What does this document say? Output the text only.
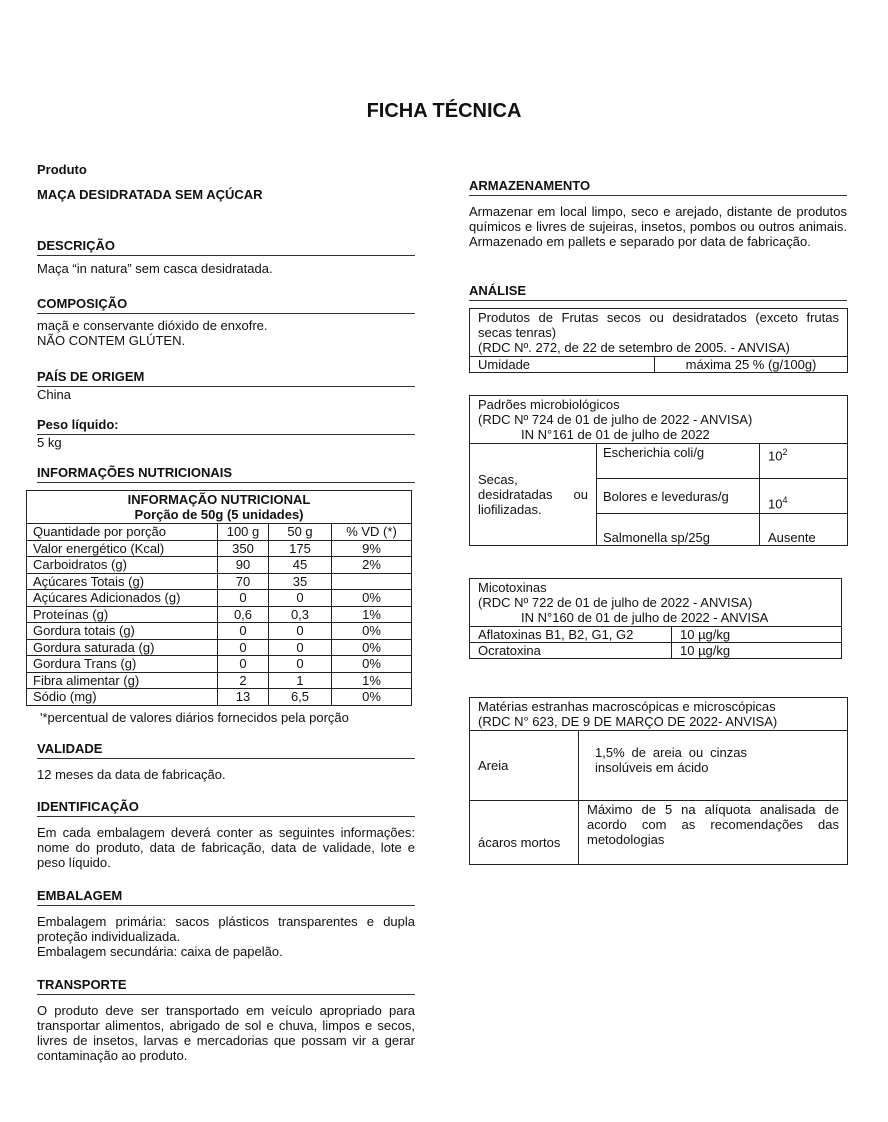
FICHA TÉCNICA
Produto
MAÇA DESIDRATADA SEM AÇÚCAR
DESCRIÇÃO
Maça “in natura” sem casca desidratada.
COMPOSIÇÃO
maçã e conservante dióxido de enxofre.
NÃO CONTEM GLÚTEN.
PAÍS DE ORIGEM
China
Peso líquido:
5 kg
INFORMAÇÕES NUTRICIONAIS
INFORMAÇÃO NUTRICIONAL
Porção de 50g (5 unidades)			

Quantidade por porção	100 g	50 g	% VD (*)
Valor energético (Kcal)	350	175	9%
Carboidratos (g)	90	45	2%
Açúcares Totais (g)	70	35	
Açúcares Adicionados (g)	0	0	0%
Proteínas (g)	0,6	0,3	1%
Gordura totais (g)	0	0	0%
Gordura saturada (g)	0	0	0%
Gordura Trans (g)	0	0	0%
Fibra alimentar (g)	2	1	1%
Sódio (mg)	13	6,5	0%
'*percentual de valores diários fornecidos pela porção
VALIDADE
12 meses da data de fabricação.
IDENTIFICAÇÃO
Em cada embalagem deverá conter as seguintes informações: nome do produto, data de fabricação, data de validade, lote e peso líquido.
EMBALAGEM
Embalagem primária: sacos plásticos transparentes e dupla proteção individualizada.
Embalagem secundária: caixa de papelão.
TRANSPORTE
O produto deve ser transportado em veículo apropriado para transportar alimentos, abrigado de sol e chuva, limpos e secos, livres de insetos, larvas e mercadorias que possam vir a gerar contaminação ao produto.
ARMAZENAMENTO
Armazenar em local limpo, seco e arejado, distante de produtos químicos e livres de sujeiras, insetos, pombos ou outros animais. Armazenado em pallets e separado por data de fabricação.
ANÁLISE
Produtos de Frutas secos ou desidratados (exceto frutas secas tenras)
(RDC Nº. 272, de 22 de setembro de 2005. - ANVISA)

Umidade	máxima 25 % (g/100g)
Padrões microbiológicos
(RDC Nº 724 de 01 de julho de 2022 - ANVISA)
IN N°161 de 01 de julho de 2022		

Secas, desidratadas ou liofilizadas.	Escherichia coli/g	$10^2$
	Bolores e leveduras/g	$10^4$
	Salmonella sp/25g	Ausente
Micotoxinas
(RDC Nº 722 de 01 de julho de 2022 - ANVISA)
IN N°160 de 01 de julho de 2022 - ANVISA	

Aflatoxinas B1, B2, G1, G2	10 µg/kg
Ocratoxina	10 µg/kg
Matérias estranhas macroscópicas e microscópicas
(RDC N° 623, DE 9 DE MARÇO DE 2022- ANVISA)	

Areia	1,5% de areia ou cinzas insolúveis em ácido
ácaros mortos	Máximo de 5 na alíquota analisada de acordo com as recomendações das metodologias
